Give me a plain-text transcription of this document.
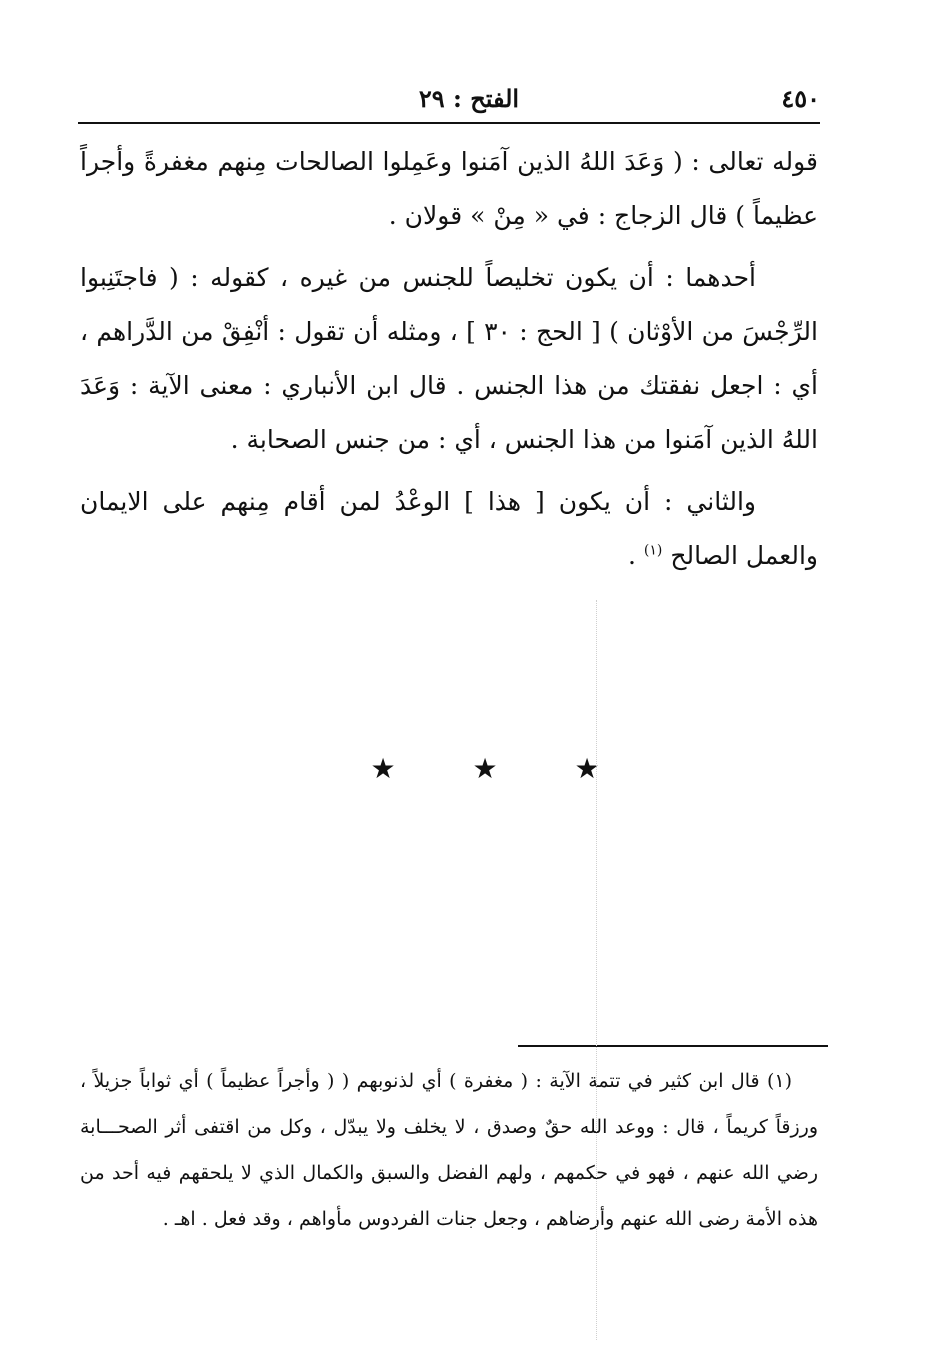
٤٥٠
الفتح : ٢٩

قوله تعالى : ( وَعَدَ اللهُ الذين آمَنوا وعَمِلوا الصالحات مِنهم مغفرةً وأجراً عظيماً ) قال الزجاج : في « مِنْ » قولان .

أحدهما : أن يكون تخليصاً للجنس من غيره ، كقوله : ( فاجتَنِبوا الرِّجْسَ من الأوْثان ) [ الحج : ٣٠ ] ، ومثله أن تقول : أنْفِقْ من الدَّراهم ، أي : اجعل نفقتك من هذا الجنس . قال ابن الأنباري : معنى الآية : وَعَدَ اللهُ الذين آمَنوا من هذا الجنس ، أي : من جنس الصحابة .

والثاني : أن يكون [ هذا ] الوعْدُ لمن أقام مِنهم على الايمان والعمل الصالح $^{(١)}$ .

★ ★ ★

(١) قال ابن كثير في تتمة الآية : ( مغفرة ) أي لذنوبهم ( ( وأجراً عظيماً ) أي ثواباً جزيلاً ، ورزقاً كريماً ، قال : ووعد الله حقٌ وصدق ، لا يخلف ولا يبدّل ، وكل من اقتفى أثر الصحـــابة رضي الله عنهم ، فهو في حكمهم ، ولهم الفضل والسبق والكمال الذي لا يلحقهم فيه أحد من هذه الأمة رضى الله عنهم وأرضاهم ، وجعل جنات الفردوس مأواهم ، وقد فعل . اهـ .
